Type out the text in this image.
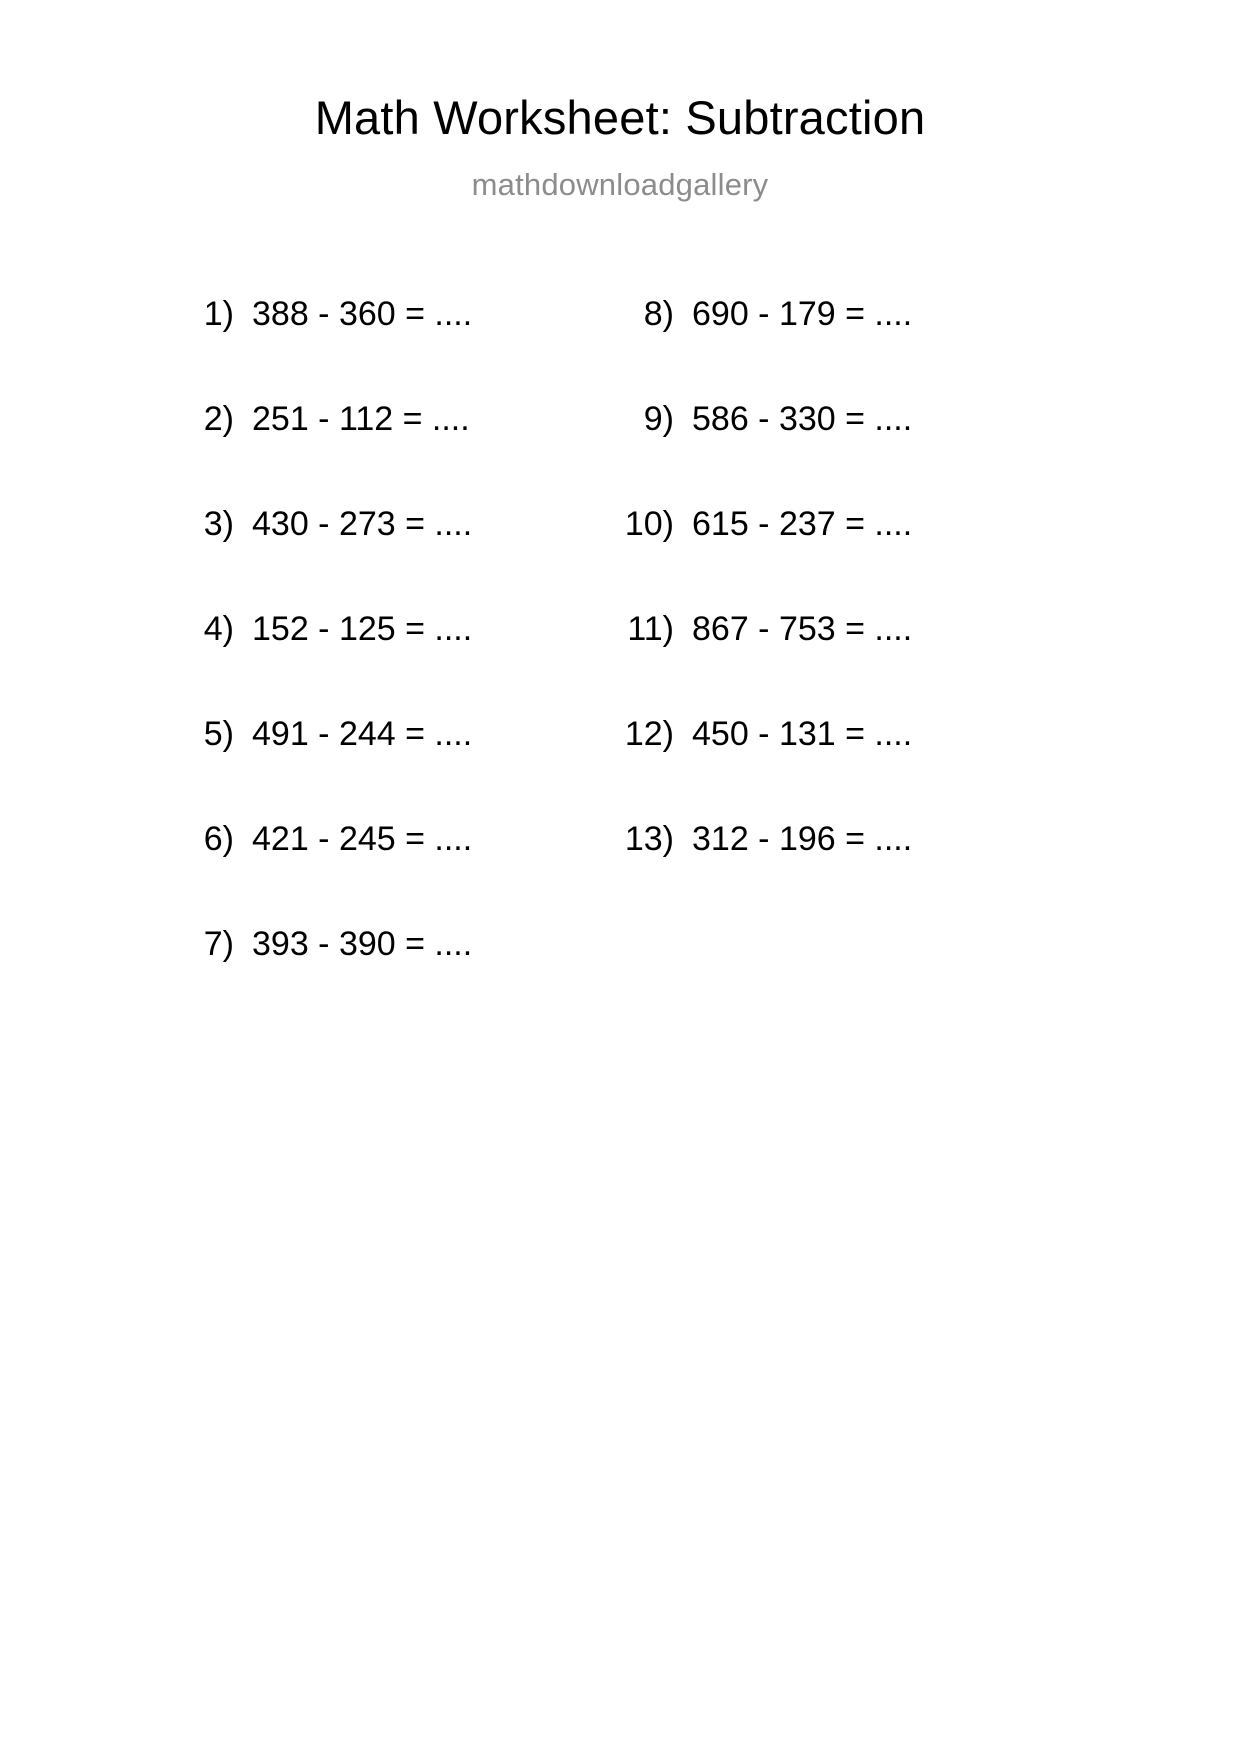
Math Worksheet: Subtraction
mathdownloadgallery
1) 388 - 360 = ....
2) 251 - 112 = ....
3) 430 - 273 = ....
4) 152 - 125 = ....
5) 491 - 244 = ....
6) 421 - 245 = ....
7) 393 - 390 = ....
8) 690 - 179 = ....
9) 586 - 330 = ....
10) 615 - 237 = ....
11) 867 - 753 = ....
12) 450 - 131 = ....
13) 312 - 196 = ....
